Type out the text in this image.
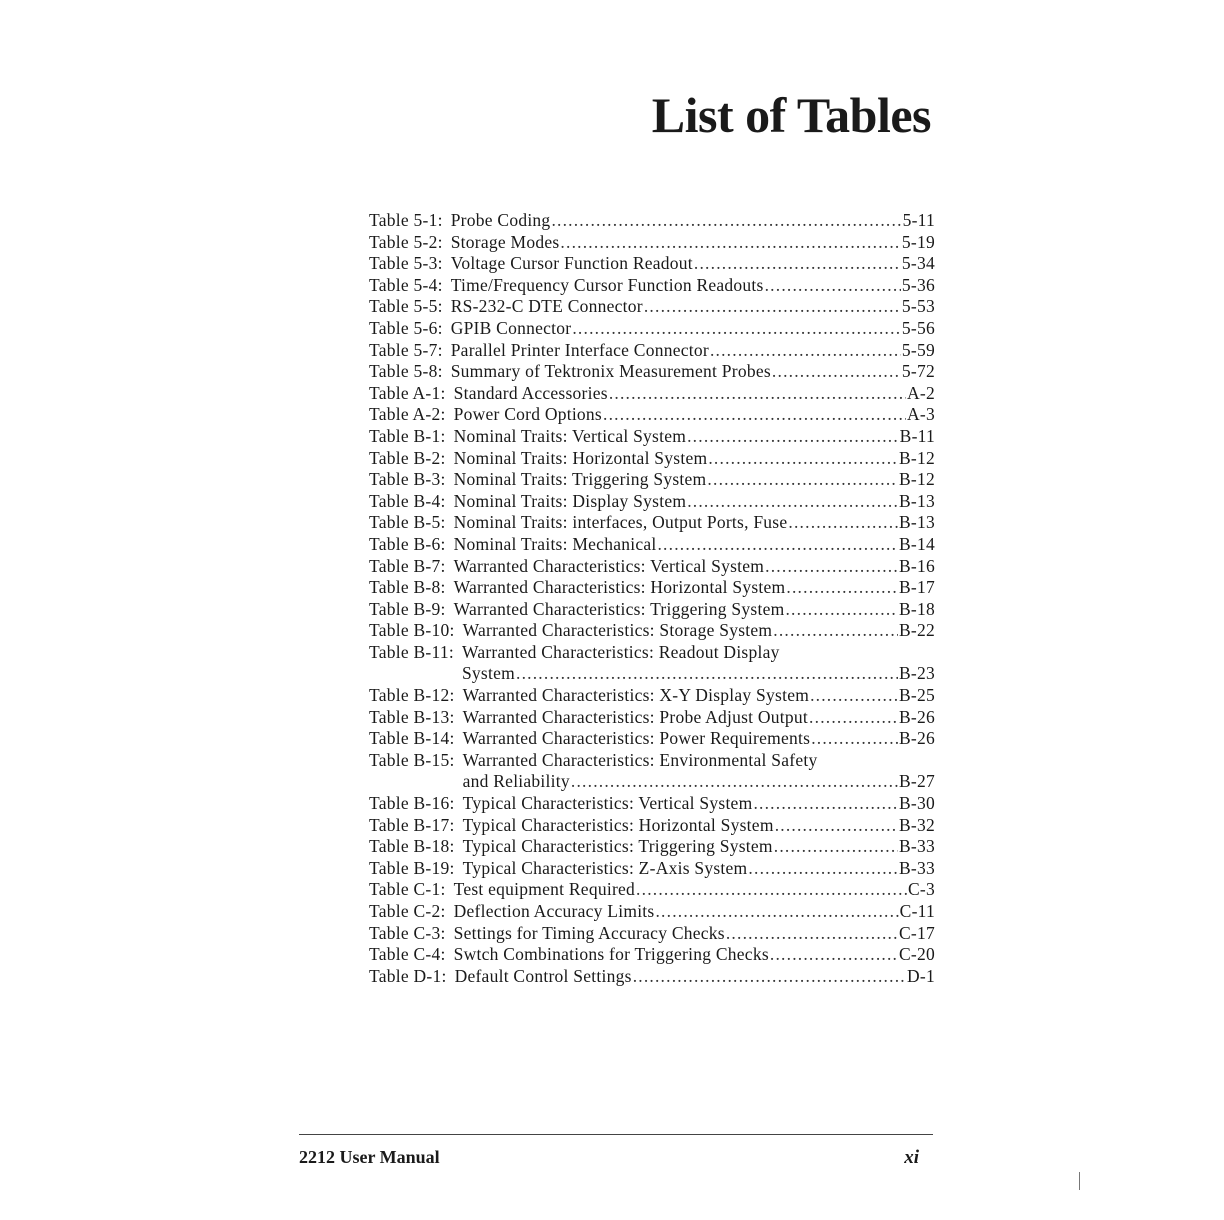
List of Tables
Table 5-1: Probe Coding .....	5-11
Table 5-2: Storage Modes .....	5-19
Table 5-3: Voltage Cursor Function Readout .....	5-34
Table 5-4: Time/Frequency Cursor Function Readouts .....	5-36
Table 5-5: RS-232-C DTE Connector .....	5-53
Table 5-6: GPIB Connector .....	5-56
Table 5-7: Parallel Printer Interface Connector .....	5-59
Table 5-8: Summary of Tektronix Measurement Probes .....	5-72
Table A-1: Standard Accessories .....	A-2
Table A-2: Power Cord Options .....	A-3
Table B-1: Nominal Traits: Vertical System .....	B-11
Table B-2: Nominal Traits: Horizontal System .....	B-12
Table B-3: Nominal Traits: Triggering System .....	B-12
Table B-4: Nominal Traits: Display System .....	B-13
Table B-5: Nominal Traits: interfaces, Output Ports, Fuse .....	B-13
Table B-6: Nominal Traits: Mechanical .....	B-14
Table B-7: Warranted Characteristics: Vertical System .....	B-16
Table B-8: Warranted Characteristics: Horizontal System .....	B-17
Table B-9: Warranted Characteristics: Triggering System .....	B-18
Table B-10: Warranted Characteristics: Storage System .....	B-22
Table B-11: Warranted Characteristics: Readout Display
System .....	B-23
Table B-12: Warranted Characteristics: X-Y Display System .....	B-25
Table B-13: Warranted Characteristics: Probe Adjust Output .....	B-26
Table B-14: Warranted Characteristics: Power Requirements .....	B-26
Table B-15: Warranted Characteristics: Environmental Safety
and Reliability .....	B-27
Table B-16: Typical Characteristics: Vertical System .....	B-30
Table B-17: Typical Characteristics: Horizontal System .....	B-32
Table B-18: Typical Characteristics: Triggering System .....	B-33
Table B-19: Typical Characteristics: Z-Axis System .....	B-33
Table C-1: Test equipment Required .....	C-3
Table C-2: Deflection Accuracy Limits .....	C-11
Table C-3: Settings for Timing Accuracy Checks .....	C-17
Table C-4: Swtch Combinations for Triggering Checks .....	C-20
Table D-1: Default Control Settings .....	D-1
2212 User Manual	xi
